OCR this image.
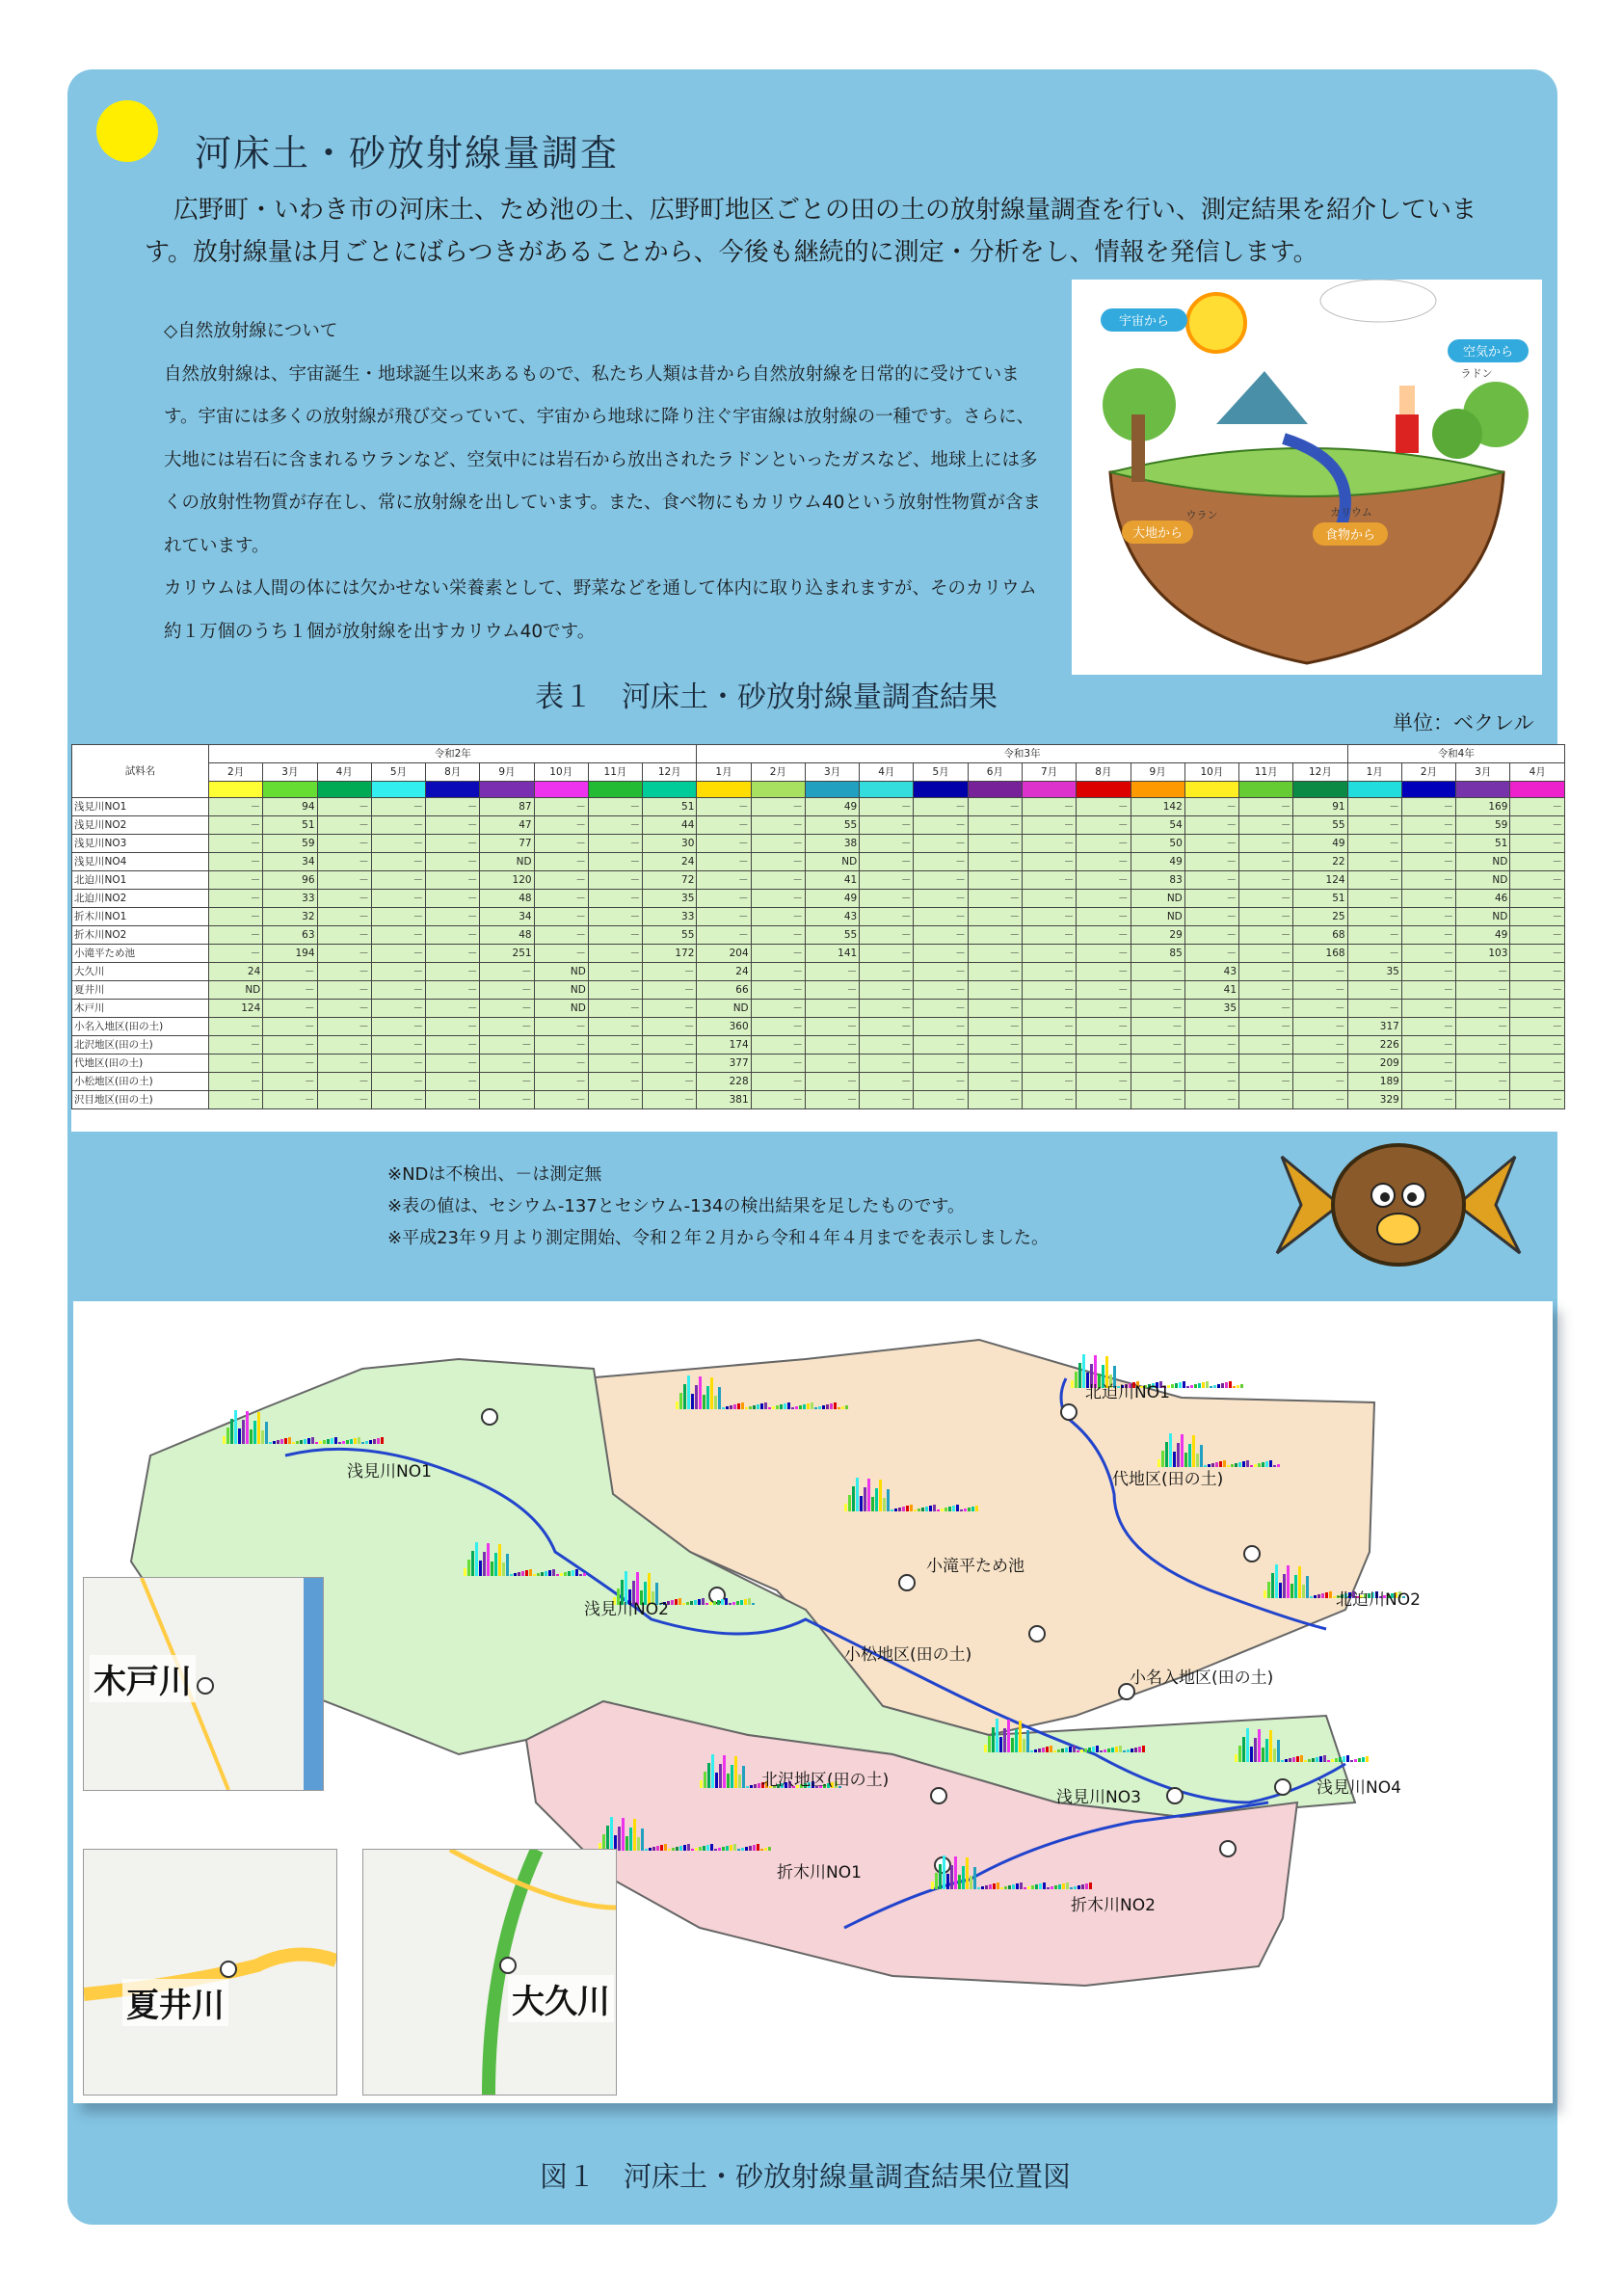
河床土・砂放射線量調査
広野町・いわき市の河床土、ため池の土、広野町地区ごとの田の土の放射線量調査を行い、測定結果を紹介しています。放射線量は月ごとにばらつきがあることから、今後も継続的に測定・分析をし、情報を発信します。

◇自然放射線について

自然放射線は、宇宙誕生・地球誕生以来あるもので、私たち人類は昔から自然放射線を日常的に受けています。宇宙には多くの放射線が飛び交っていて、宇宙から地球に降り注ぐ宇宙線は放射線の一種です。さらに、大地には岩石に含まれるウランなど、空気中には岩石から放出されたラドンといったガスなど、地球上には多くの放射性物質が存在し、常に放射線を出しています。また、食べ物にもカリウム40という放射性物質が含まれています。

カリウムは人間の体には欠かせない栄養素として、野菜などを通して体内に取り込まれますが、そのカリウム約１万個のうち１個が放射線を出すカリウム40です。

宇宙から
空気から
ラドン
大地から
ウラン
食物から
カリウム
表１　河床土・砂放射線量調査結果
単位：ベクレル
試料名	令和2年									令和3年												令和4年			
	2月	3月	4月	5月	8月	9月	10月	11月	12月	1月	2月	3月	4月	5月	6月	7月	8月	9月	10月	11月	12月	1月	2月	3月	4月

浅見川NO1	－	94	－	－	－	87	－	－	51	－	－	49	－	－	－	－	－	142	－	－	91	－	－	169	－
浅見川NO2	－	51	－	－	－	47	－	－	44	－	－	55	－	－	－	－	－	54	－	－	55	－	－	59	－
浅見川NO3	－	59	－	－	－	77	－	－	30	－	－	38	－	－	－	－	－	50	－	－	49	－	－	51	－
浅見川NO4	－	34	－	－	－	ND	－	－	24	－	－	ND	－	－	－	－	－	49	－	－	22	－	－	ND	－
北迫川NO1	－	96	－	－	－	120	－	－	72	－	－	41	－	－	－	－	－	83	－	－	124	－	－	ND	－
北迫川NO2	－	33	－	－	－	48	－	－	35	－	－	49	－	－	－	－	－	ND	－	－	51	－	－	46	－
折木川NO1	－	32	－	－	－	34	－	－	33	－	－	43	－	－	－	－	－	ND	－	－	25	－	－	ND	－
折木川NO2	－	63	－	－	－	48	－	－	55	－	－	55	－	－	－	－	－	29	－	－	68	－	－	49	－
小滝平ため池	－	194	－	－	－	251	－	－	172	204	－	141	－	－	－	－	－	85	－	－	168	－	－	103	－
大久川	24	－	－	－	－	－	ND	－	－	24	－	－	－	－	－	－	－	－	43	－	－	35	－	－	－
夏井川	ND	－	－	－	－	－	ND	－	－	66	－	－	－	－	－	－	－	－	41	－	－	－	－	－	－
木戸川	124	－	－	－	－	－	ND	－	－	ND	－	－	－	－	－	－	－	－	35	－	－	－	－	－	－
小名入地区(田の土)	－	－	－	－	－	－	－	－	－	360	－	－	－	－	－	－	－	－	－	－	－	317	－	－	－
北沢地区(田の土)	－	－	－	－	－	－	－	－	－	174	－	－	－	－	－	－	－	－	－	－	－	226	－	－	－
代地区(田の土)	－	－	－	－	－	－	－	－	－	377	－	－	－	－	－	－	－	－	－	－	－	209	－	－	－
小松地区(田の土)	－	－	－	－	－	－	－	－	－	228	－	－	－	－	－	－	－	－	－	－	－	189	－	－	－
沢目地区(田の土)	－	－	－	－	－	－	－	－	－	381	－	－	－	－	－	－	－	－	－	－	－	329	－	－	－

※NDは不検出、－は測定無

※表の値は、セシウム-137とセシウム-134の検出結果を足したものです。

※平成23年９月より測定開始、令和２年２月から令和４年４月までを表示しました。

浅見川NO1
浅見川NO2
浅見川NO3	浅見川NO4
北迫川NO1
北迫川NO2
代地区(田の土)
小滝平ため池
小松地区(田の土)
小名入地区(田の土)
北沢地区(田の土)
折木川NO1
折木川NO2
木戸川
夏井川	大久川
図１　河床土・砂放射線量調査結果位置図
